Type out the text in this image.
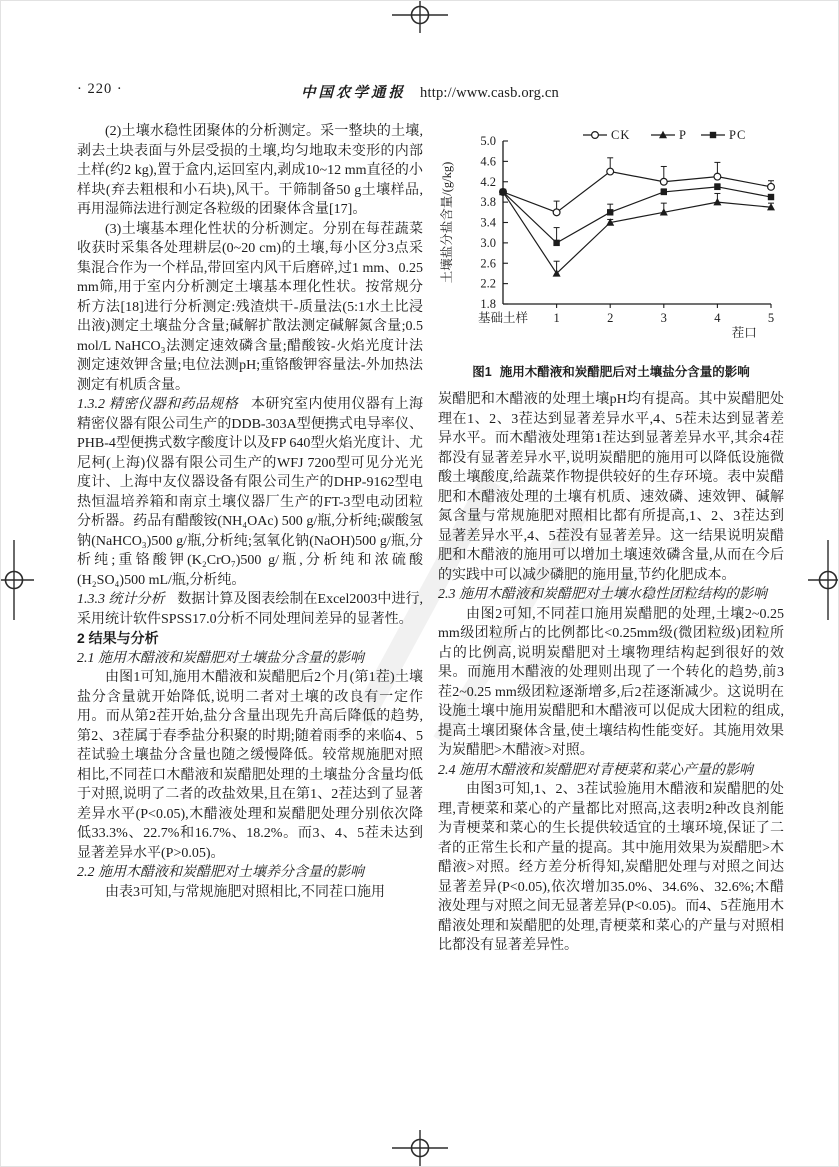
· 220 ·	中国农学通报 http://www.casb.org.cn

(2)土壤水稳性团聚体的分析测定。采一整块的土壤,剥去土块表面与外层受损的土壤,均匀地取未变形的内部土样(约2 kg),置于盒内,运回室内,剥成10~12 mm直径的小样块(弃去粗根和小石块),风干。干筛制备50 g土壤样品,再用湿筛法进行测定各粒级的团聚体含量[17]。

(3)土壤基本理化性状的分析测定。分别在每茬蔬菜收获时采集各处理耕层(0~20 cm)的土壤,每小区分3点采集混合作为一个样品,带回室内风干后磨碎,过1 mm、0.25 mm筛,用于室内分析测定土壤基本理化性状。按常规分析方法[18]进行分析测定:残渣烘干-质量法(5:1水土比浸出液)测定土壤盐分含量;碱解扩散法测定碱解氮含量;0.5 mol/L NaHCO₃法测定速效磷含量;醋酸铵-火焰光度计法测定速效钾含量;电位法测pH;重铬酸钾容量法-外加热法测定有机质含量。

1.3.2 精密仪器和药品规格 本研究室内使用仪器有上海精密仪器有限公司生产的DDB-303A型便携式电导率仪、PHB-4型便携式数字酸度计以及FP 640型火焰光度计、尤尼柯(上海)仪器有限公司生产的WFJ 7200型可见分光光度计、上海中友仪器设备有限公司生产的DHP-9162型电热恒温培养箱和南京土壤仪器厂生产的FT-3型电动团粒分析器。药品有醋酸铵(NH₄OAc) 500 g/瓶,分析纯;碳酸氢钠(NaHCO₃)500 g/瓶,分析纯;氢氧化钠(NaOH)500 g/瓶,分析纯;重铬酸钾(K₂CrO₇)500 g/瓶,分析纯和浓硫酸(H₂SO₄)500 mL/瓶,分析纯。

1.3.3 统计分析 数据计算及图表绘制在Excel2003中进行,采用统计软件SPSS17.0分析不同处理间差异的显著性。

2 结果与分析

2.1 施用木醋液和炭醋肥对土壤盐分含量的影响

由图1可知,施用木醋液和炭醋肥后2个月(第1茬)土壤盐分含量就开始降低,说明二者对土壤的改良有一定作用。而从第2茬开始,盐分含量出现先升高后降低的趋势,第2、3茬属于春季盐分积聚的时期;随着雨季的来临4、5茬试验土壤盐分含量也随之缓慢降低。较常规施肥对照相比,不同茬口木醋液和炭醋肥处理的土壤盐分含量均低于对照,说明了二者的改盐效果,且在第1、2茬达到了显著差异水平(P<0.05),木醋液处理和炭醋肥处理分别依次降低33.3%、22.7%和16.7%、18.2%。而3、4、5茬未达到显著差异水平(P>0.05)。

2.2 施用木醋液和炭醋肥对土壤养分含量的影响

由表3可知,与常规施肥对照相比,不同茬口施用

1.8
2.2
2.6
3.0
3.4
3.8
4.2
4.6
5.0
基础土样 1	2	3	4	5
茬口
土壤盐分盐含量/(g/kg)
CK	P	PC
图1 施用木醋液和炭醋肥后对土壤盐分含量的影响

炭醋肥和木醋液的处理土壤pH均有提高。其中炭醋肥处理在1、2、3茬达到显著差异水平,4、5茬未达到显著差异水平。而木醋液处理第1茬达到显著差异水平,其余4茬都没有显著差异水平,说明炭醋肥的施用可以降低设施微酸土壤酸度,给蔬菜作物提供较好的生存环境。表中炭醋肥和木醋液处理的土壤有机质、速效磷、速效钾、碱解氮含量与常规施肥对照相比都有所提高,1、2、3茬达到显著差异水平,4、5茬没有显著差异。这一结果说明炭醋肥和木醋液的施用可以增加土壤速效磷含量,从而在今后的实践中可以减少磷肥的施用量,节约化肥成本。

2.3 施用木醋液和炭醋肥对土壤水稳性团粒结构的影响

由图2可知,不同茬口施用炭醋肥的处理,土壤2~0.25 mm级团粒所占的比例都比<0.25mm级(微团粒级)团粒所占的比例高,说明炭醋肥对土壤物理结构起到很好的效果。而施用木醋液的处理则出现了一个转化的趋势,前3茬2~0.25 mm级团粒逐渐增多,后2茬逐渐减少。这说明在设施土壤中施用炭醋肥和木醋液可以促成大团粒的组成,提高土壤团聚体含量,使土壤结构性能变好。其施用效果为炭醋肥>木醋液>对照。

2.4 施用木醋液和炭醋肥对青梗菜和菜心产量的影响

由图3可知,1、2、3茬试验施用木醋液和炭醋肥的处理,青梗菜和菜心的产量都比对照高,这表明2种改良剂能为青梗菜和菜心的生长提供较适宜的土壤环境,保证了二者的正常生长和产量的提高。其中施用效果为炭醋肥>木醋液>对照。经方差分析得知,炭醋肥处理与对照之间达显著差异(P<0.05),依次增加35.0%、34.6%、32.6%;木醋液处理与对照之间无显著差异(P<0.05)。而4、5茬施用木醋液处理和炭醋肥的处理,青梗菜和菜心的产量与对照相比都没有显著差异性。
